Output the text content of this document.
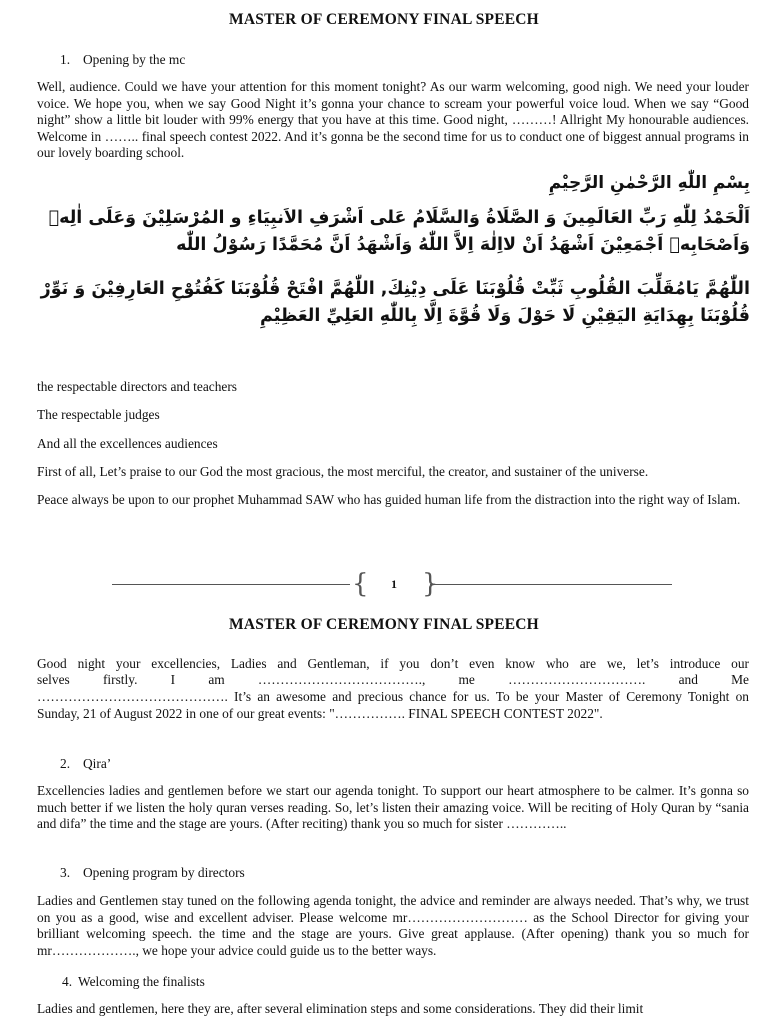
MASTER OF CEREMONY FINAL SPEECH

1. Opening by the mc

Well, audience. Could we have your attention for this moment tonight? As our warm welcoming, good nigh. We need your louder voice. We hope you, when we say Good Night it’s gonna your chance to scream your powerful voice loud. When we say “Good night” show a little bit louder with 99% energy that you have at this time. Good night, ………! Allright My honourable audiences. Welcome in …….. final speech contest 2022. And it’s gonna be the second time for us to conduct one of biggest annual programs in our lovely boarding school.

بِسْمِ اللّٰهِ الرَّحْمٰنِ الرَّحِيْمِ

اَلْحَمْدُ لِلّٰهِ رَبِّ العَالَمِينَ وَ الصَّلَاةُ وَالسَّلَامُ عَلى اَشْرَفِ الاَنبِيَاءِ و المُرْسَلِيْنَ وَعَلَى اٰلِهٖ وَاَصْحَابِهٖ اَجْمَعِيْنَ اَشْهَدُ اَنْ لااِلٰهَ اِلاَّ اللّٰهُ وَاَشْهَدُ اَنَّ مُحَمَّدًا رَسُوْلُ اللّٰه

اللّٰهُمَّ يَامُقَلِّبَ القُلُوبِ ثَبِّتْ قُلُوْبَنَا عَلَى دِيْنِكَ, اللّٰهُمَّ افْتَحْ قُلُوْبَنَا كَفُتُوْحِ العَارِفِيْنَ وَ نَوِّرْ قُلُوْبَنَا بِهِدَايَةِ اليَقِيْنِ لَا حَوْلَ وَلَا قُوَّةَ اِلَّا بِاللّٰهِ العَلِيِّ العَظِيْمِ

the respectable directors and teachers

The respectable judges

And all the excellences audiences

First of all, Let’s praise to our God the most gracious, the most merciful, the creator, and sustainer of the universe.

Peace always be upon to our prophet Muhammad SAW who has guided human life from the distraction into the right way of Islam.

{	1 }
MASTER OF CEREMONY FINAL SPEECH

Good night your excellencies, Ladies and Gentleman, if you don’t even know who are we, let’s introduce our

selves firstly. I am ………………………………., me …………………………. and Me

……………………………………. It’s an awesome and precious chance for us. To be your Master of Ceremony Tonight on Sunday, 21 of August 2022 in one of our great events: "……………. FINAL SPEECH CONTEST 2022".

2. Qira’

Excellencies ladies and gentlemen before we start our agenda tonight. To support our heart atmosphere to be calmer. It’s gonna so much better if we listen the holy quran verses reading. So, let’s listen their amazing voice. Will be reciting of Holy Quran by “sania and difa” the time and the stage are yours. (After reciting) thank you so much for sister …………..

3. Opening program by directors

Ladies and Gentlemen stay tuned on the following agenda tonight, the advice and reminder are always needed. That’s why, we trust on you as a good, wise and excellent adviser. Please welcome mr……………………… as the School Director for giving your brilliant welcoming speech. the time and the stage are yours. Give great applause. (After opening) thank you so much for mr………………., we hope your advice could guide us to the better ways.

4. Welcoming the finalists

Ladies and gentlemen, here they are, after several elimination steps and some considerations. They did their limit
